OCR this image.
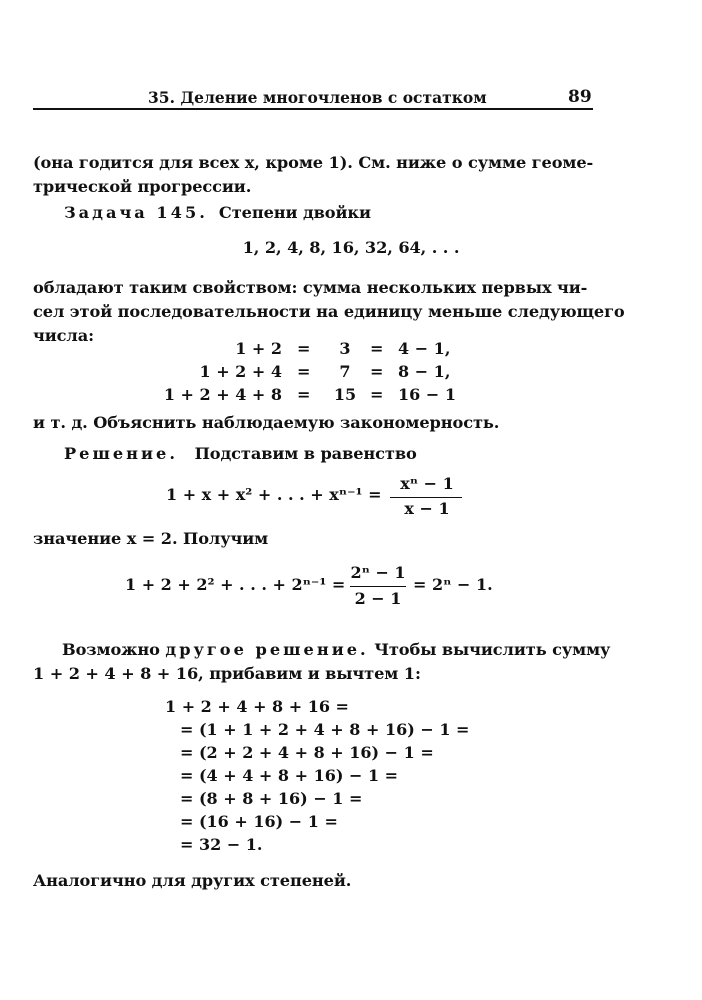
35. Деление многочленов с остатком	89
(она годится для всех x, кроме 1). См. ниже о сумме геоме-
трической прогрессии.
Задача 145. Степени двойки
1, 2, 4, 8, 16, 32, 64, . . .
обладают таким свойством: сумма нескольких первых чи-
сел этой последовательности на единицу меньше следующего
числа:
1 + 2 =	3	= 4 − 1,
1 + 2 + 4 =	7	= 8 − 1,
1 + 2 + 4 + 8 =	15 = 16 − 1
и т. д. Объяснить наблюдаемую закономерность.
Решение. Подставим в равенство
1 + x + x² + . . . + xⁿ⁻¹ =
xⁿ − 1
x − 1
значение x = 2. Получим
1 + 2 + 2² + . . . + 2ⁿ⁻¹ =
2ⁿ − 1
2 − 1
= 2ⁿ − 1.
Возможно другое решение. Чтобы вычислить сумму
1 + 2 + 4 + 8 + 16, прибавим и вычтем 1:
1 + 2 + 4 + 8 + 16 =
= (1 + 1 + 2 + 4 + 8 + 16) − 1 =
= (2 + 2 + 4 + 8 + 16) − 1 =
= (4 + 4 + 8 + 16) − 1 =
= (8 + 8 + 16) − 1 =
= (16 + 16) − 1 =
= 32 − 1.
Аналогично для других степеней.
